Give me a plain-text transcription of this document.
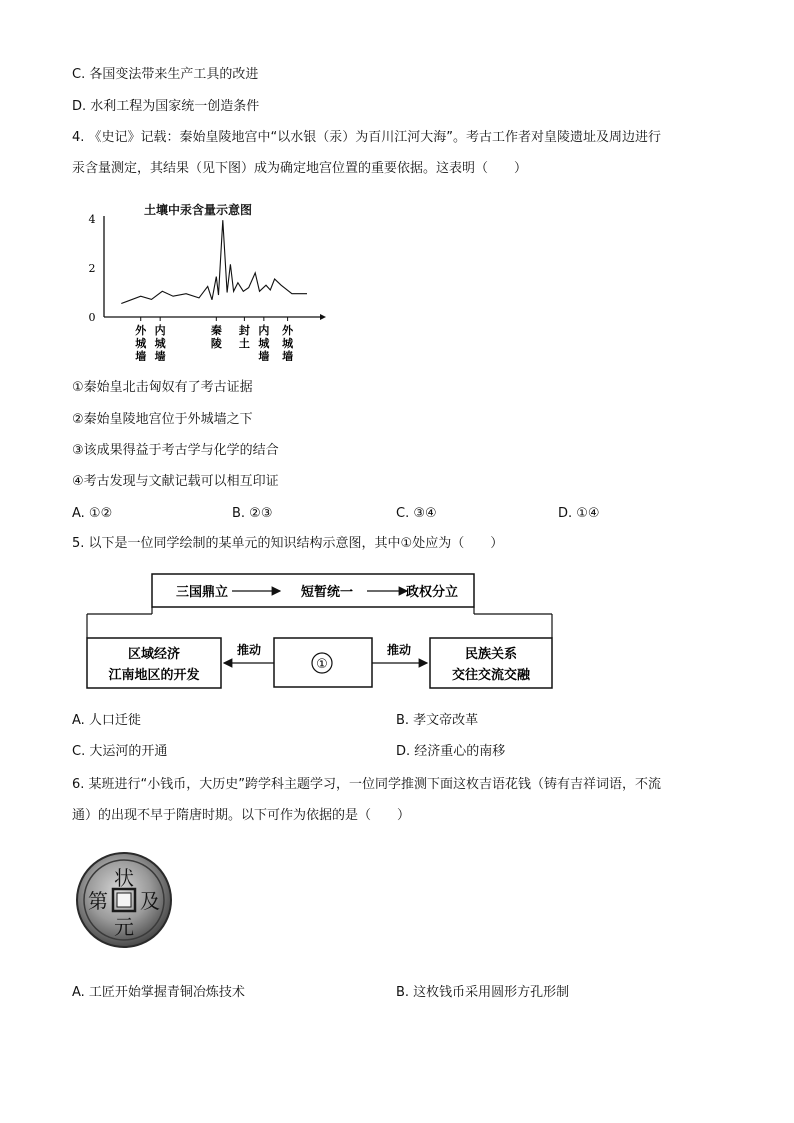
C. 各国变法带来生产工具的改进
D. 水利工程为国家统一创造条件
4. 《史记》记载：秦始皇陵地宫中“以水银（汞）为百川江河大海”。考古工作者对皇陵遗址及周边进行
汞含量测定，其结果（见下图）成为确定地宫位置的重要依据。这表明（　　）
土壤中汞含量示意图
0
2
4
外
城
墙
内
城
墙
秦
陵
封
土
内
城
墙
外
城
墙
①秦始皇北击匈奴有了考古证据
②秦始皇陵地宫位于外城墙之下
③该成果得益于考古学与化学的结合
④考古发现与文献记载可以相互印证
A. ①②	B. ②③	C. ③④	D. ①④
5. 以下是一位同学绘制的某单元的知识结构示意图，其中①处应为（　　）
三国鼎立	短暂统一	政权分立
区域经济
江南地区的开发
①
民族关系
交往交流交融
推动	推动
A. 人口迁徙	B. 孝文帝改革
C. 大运河的开通	D. 经济重心的南移
6. 某班进行“小钱币，大历史”跨学科主题学习，一位同学推测下面这枚吉语花钱（铸有吉祥词语，不流
通）的出现不早于隋唐时期。以下可作为依据的是（　　）
状
元
及
第
A. 工匠开始掌握青铜冶炼技术	B. 这枚钱币采用圆形方孔形制
